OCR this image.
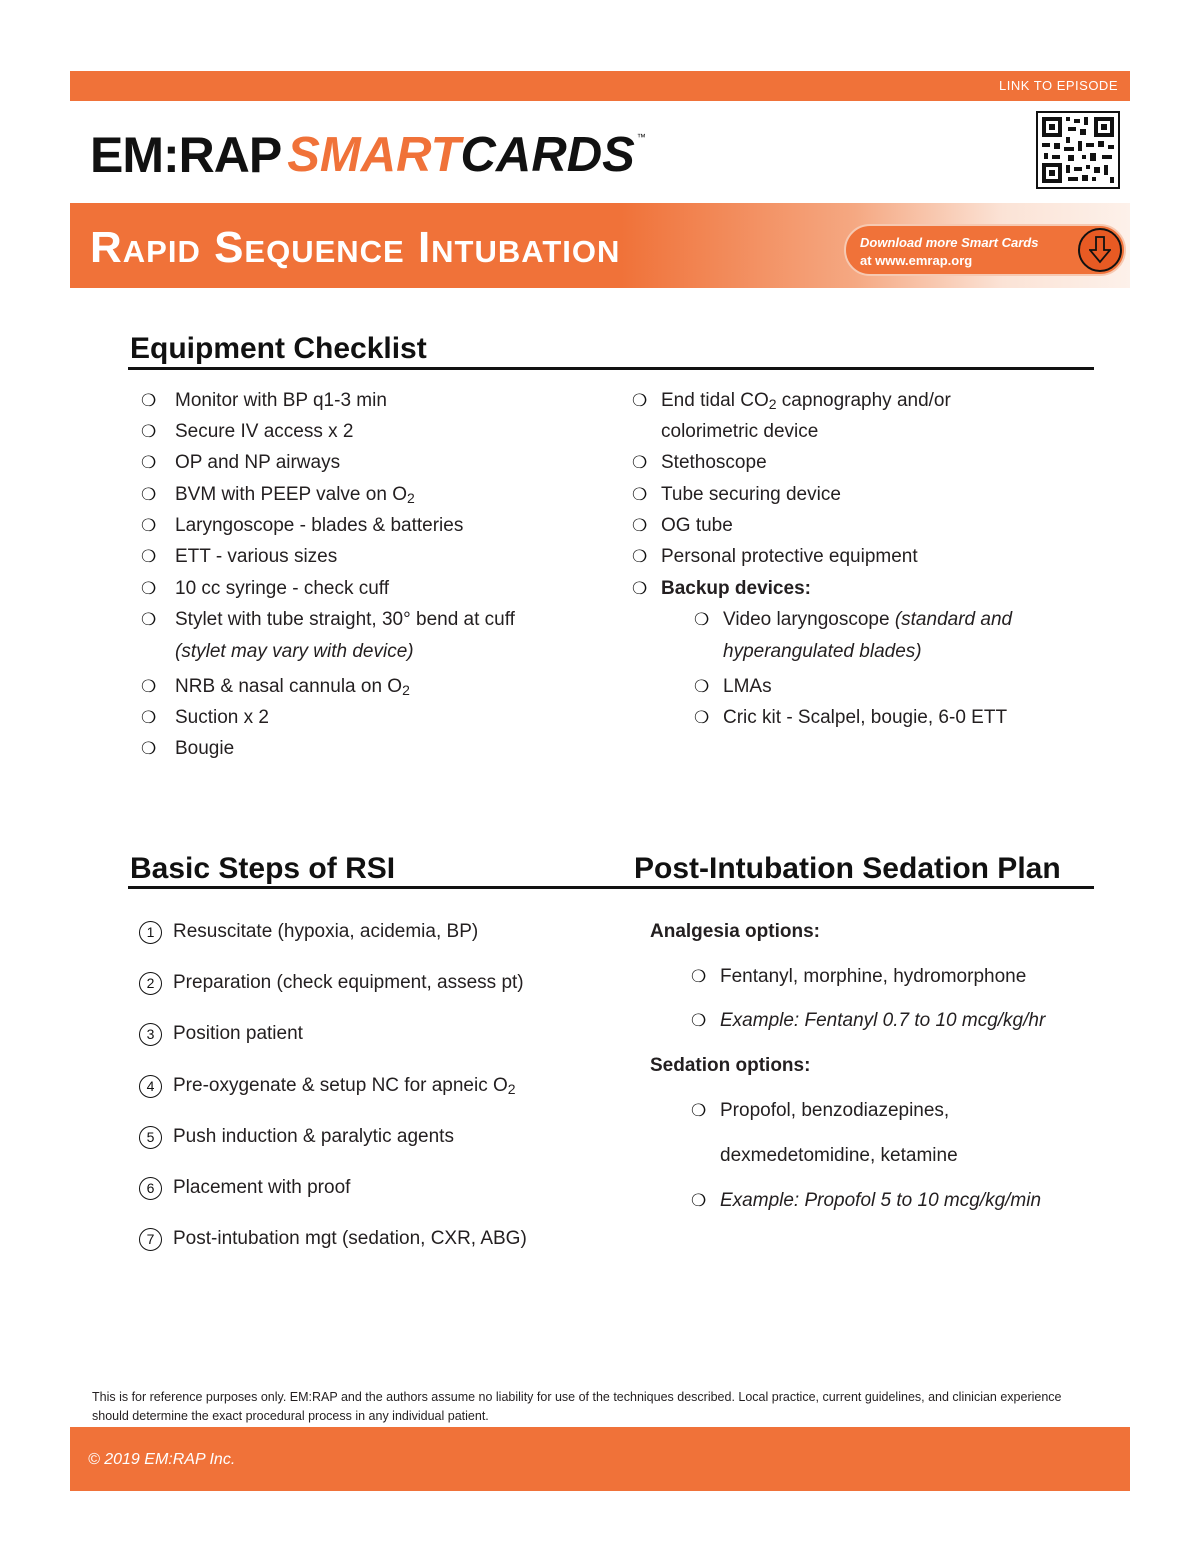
LINK TO EPISODE
EM:RAP SMART CARDS ™
Rapid Sequence Intubation	Download more Smart Cards
at www.emrap.org
Equipment Checklist
❍ Monitor with BP q1-3 min
❍ Secure IV access x 2
❍ OP and NP airways
❍ BVM with PEEP valve on $O_2$
❍ Laryngoscope - blades & batteries
❍ ETT - various sizes
❍ 10 cc syringe - check cuff
❍ Stylet with tube straight, 30° bend at cuff
(stylet may vary with device)
❍ NRB & nasal cannula on $O_2$
❍ Suction x 2
❍ Bougie
❍ End tidal $CO_2$ capnography and/or
colorimetric device
❍ Stethoscope
❍ Tube securing device
❍ OG tube
❍ Personal protective equipment
❍ Backup devices:
❍ Video laryngoscope (standard and
hyperangulated blades)
❍ LMAs
❍ Cric kit - Scalpel, bougie, 6-0 ETT
Basic Steps of RSI
1 Resuscitate (hypoxia, acidemia, BP)
2 Preparation (check equipment, assess pt)
3 Position patient
4 Pre-oxygenate & setup NC for apneic $O_2$
5 Push induction & paralytic agents
6 Placement with proof
7 Post-intubation mgt (sedation, CXR, ABG)
Post-Intubation Sedation Plan
Analgesia options:
Sedation options:
❍ Fentanyl, morphine, hydromorphone
❍ Example: Fentanyl 0.7 to 10 mcg/kg/hr
❍ Propofol, benzodiazepines,
dexmedetomidine, ketamine
❍ Example: Propofol 5 to 10 mcg/kg/min
This is for reference purposes only. EM:RAP and the authors assume no liability for use of the techniques described. Local practice, current guidelines, and clinician experience should determine the exact procedural process in any individual patient.
© 2019 EM:RAP Inc.
